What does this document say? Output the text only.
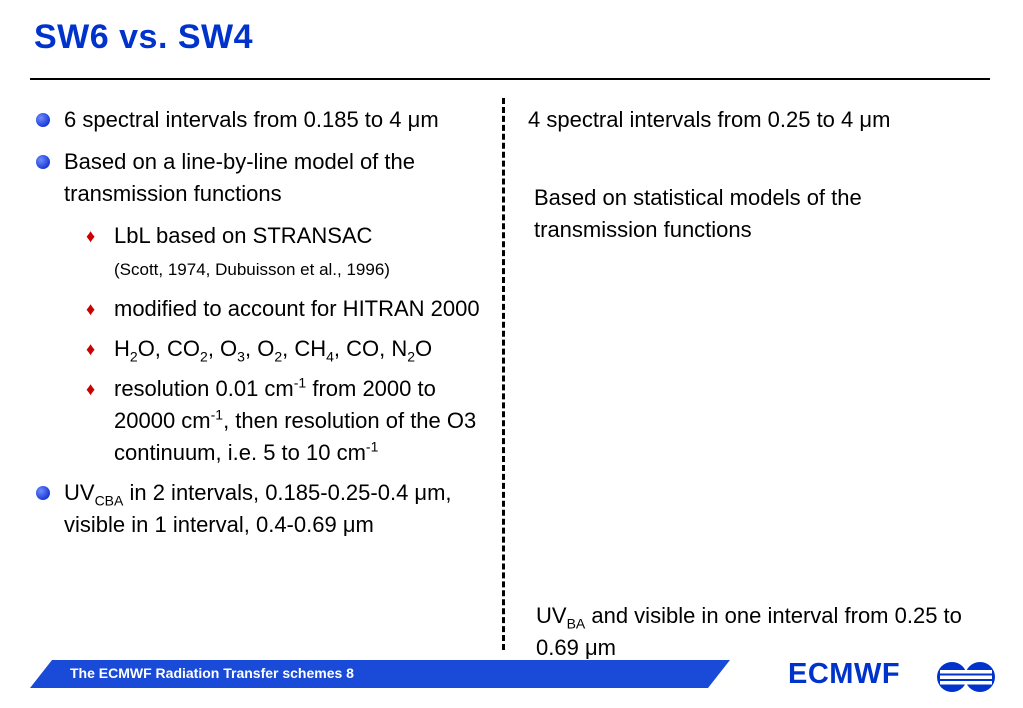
SW6 vs. SW4
6 spectral intervals from 0.185 to 4 μm
Based on a line-by-line model of the transmission functions
♦ LbL based on STRANSAC
(Scott, 1974, Dubuisson et al., 1996)
♦ modified to account for HITRAN 2000
♦ $H_2O$, $CO_2$, $O_3$, $O_2$, $CH_4$, CO, $N_2O$
♦ resolution 0.01 $cm^{-1}$ from 2000 to 20000 $cm^{-1}$, then resolution of the O3 continuum, i.e. 5 to 10 $cm^{-1}$
$UV_{CBA}$ in 2 intervals, 0.185-0.25-0.4 μm, visible in 1 interval, 0.4-0.69 μm
4 spectral intervals from 0.25 to 4 μm
Based on statistical models of the transmission functions
$UV_{BA}$ and visible in one interval from 0.25 to 0.69 μm
The ECMWF Radiation Transfer schemes 8	ECMWF
